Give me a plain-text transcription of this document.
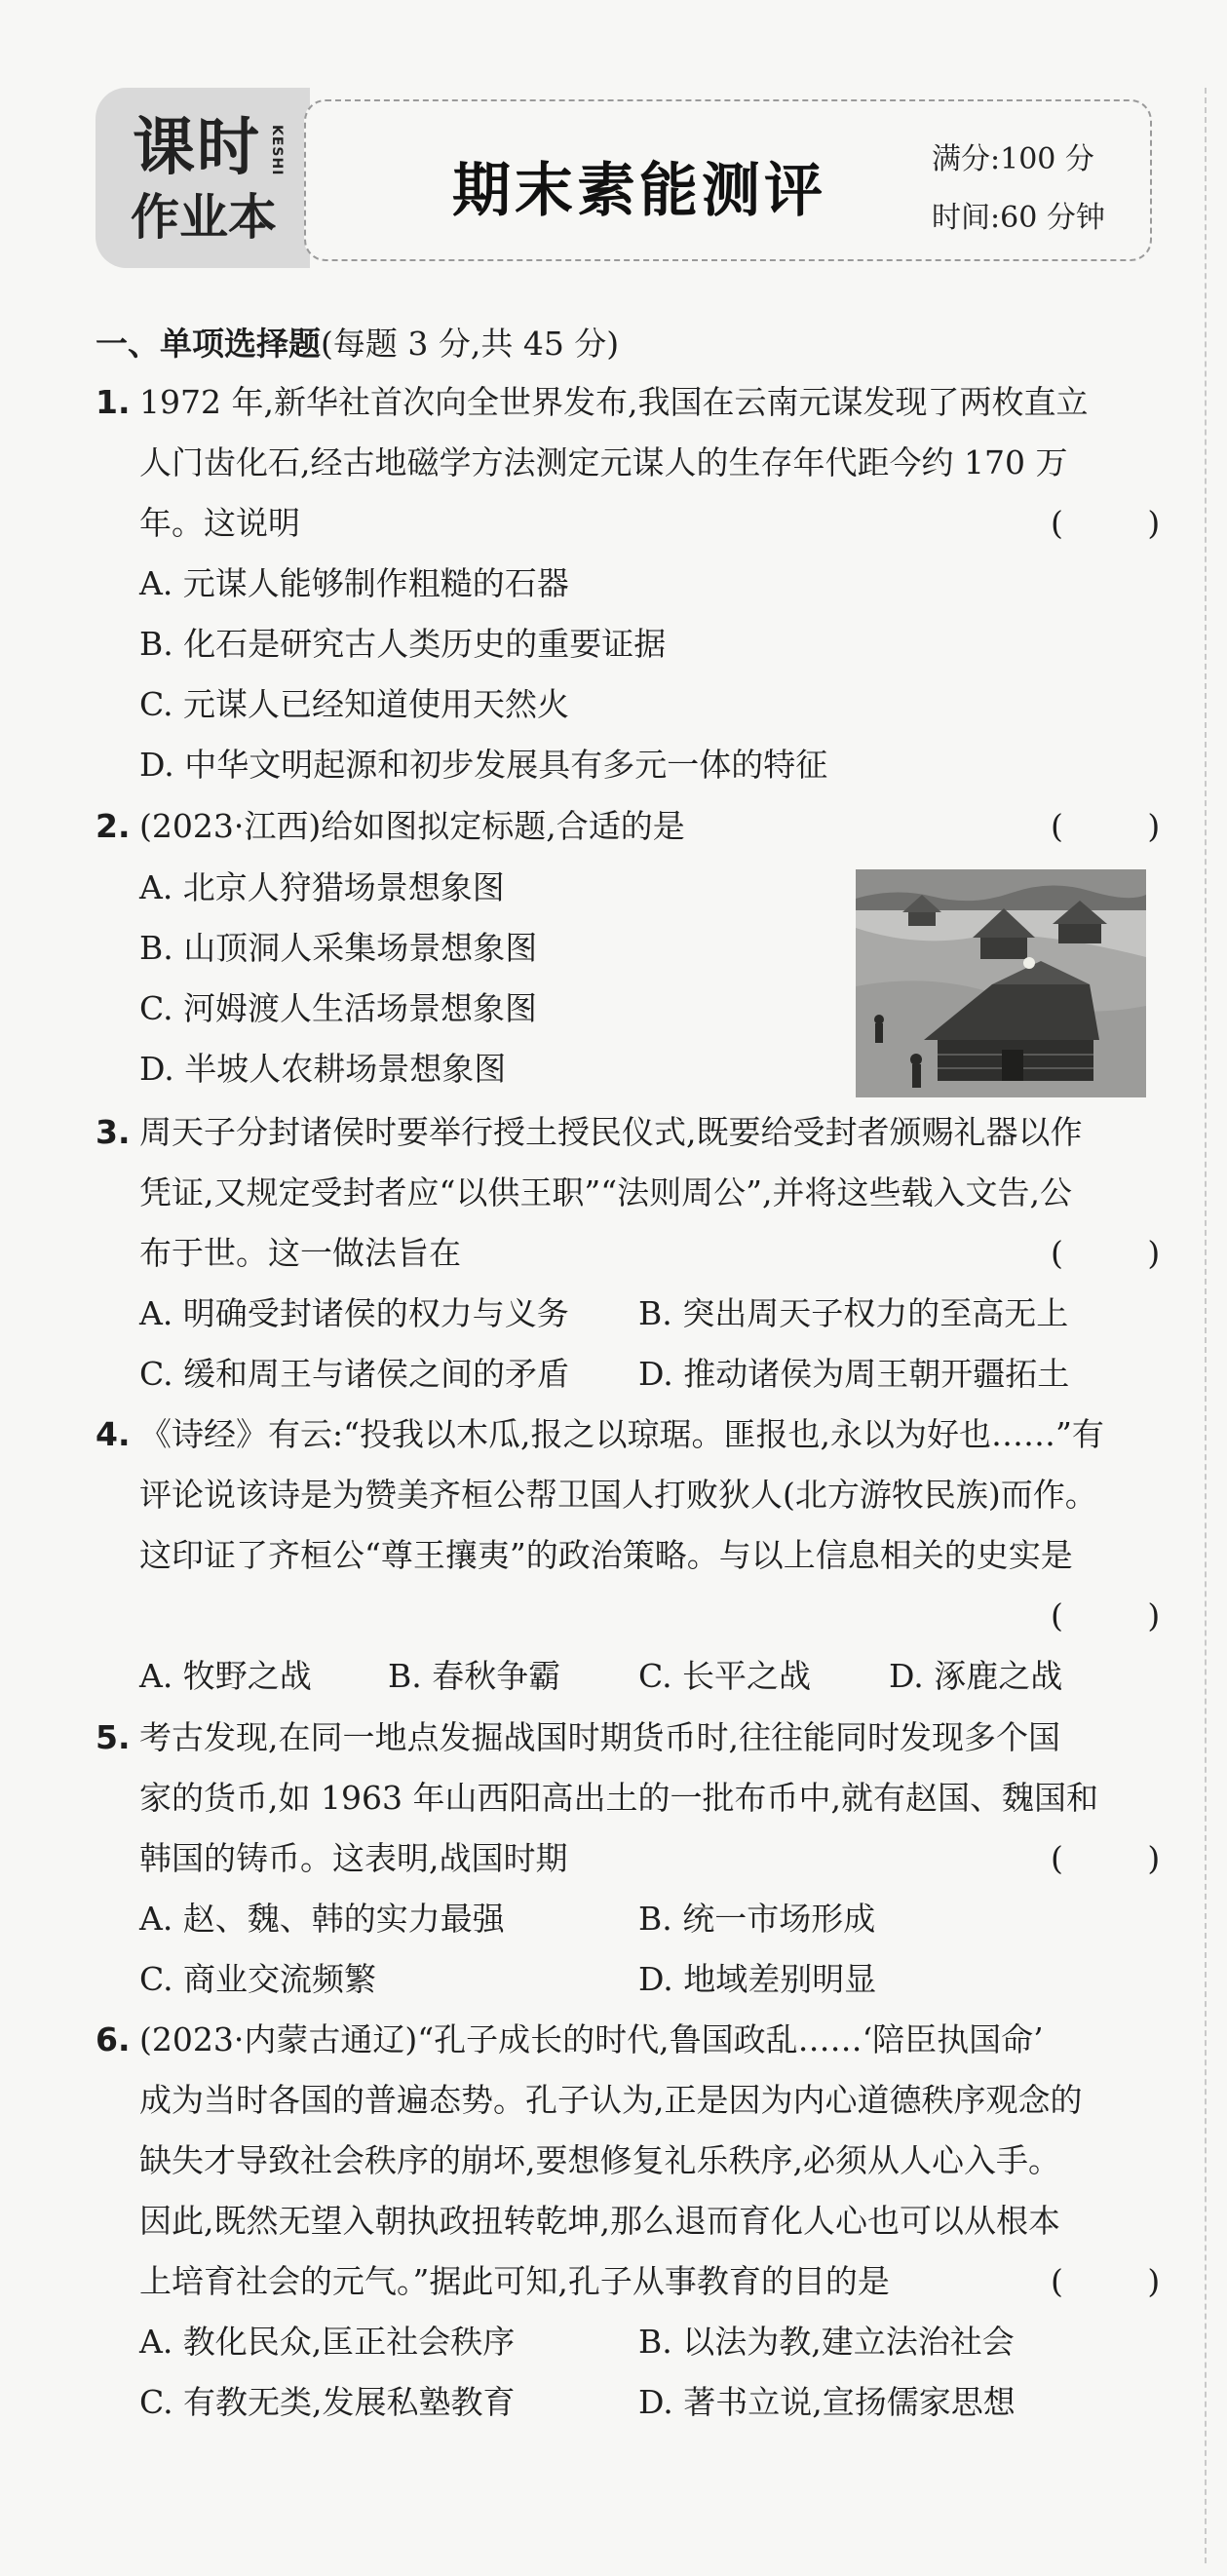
课时 KESHI
作业本	期末素能测评	满分:100 分
时间:60 分钟
一、单项选择题(每题 3 分,共 45 分)
1. 1972 年,新华社首次向全世界发布,我国在云南元谋发现了两枚直立
人门齿化石,经古地磁学方法测定元谋人的生存年代距今约 170 万
年。这说明	( )
A. 元谋人能够制作粗糙的石器
B. 化石是研究古人类历史的重要证据
C. 元谋人已经知道使用天然火
D. 中华文明起源和初步发展具有多元一体的特征
2. (2023·江西)给如图拟定标题,合适的是	( )
A. 北京人狩猎场景想象图
B. 山顶洞人采集场景想象图
C. 河姆渡人生活场景想象图
D. 半坡人农耕场景想象图
3. 周天子分封诸侯时要举行授土授民仪式,既要给受封者颁赐礼器以作
凭证,又规定受封者应“以供王职”“法则周公”,并将这些载入文告,公
布于世。这一做法旨在	( )
A. 明确受封诸侯的权力与义务 B. 突出周天子权力的至高无上
C. 缓和周王与诸侯之间的矛盾 D. 推动诸侯为周王朝开疆拓土
4. 《诗经》有云:“投我以木瓜,报之以琼琚。匪报也,永以为好也……”有
评论说该诗是为赞美齐桓公帮卫国人打败狄人(北方游牧民族)而作。
这印证了齐桓公“尊王攘夷”的政治策略。与以上信息相关的史实是
( )
A. 牧野之战 B. 春秋争霸 C. 长平之战 D. 涿鹿之战
5. 考古发现,在同一地点发掘战国时期货币时,往往能同时发现多个国
家的货币,如 1963 年山西阳高出土的一批布币中,就有赵国、魏国和
韩国的铸币。这表明,战国时期	( )
A. 赵、魏、韩的实力最强	B. 统一市场形成
C. 商业交流频繁	D. 地域差别明显
6. (2023·内蒙古通辽)“孔子成长的时代,鲁国政乱……‘陪臣执国命’
成为当时各国的普遍态势。孔子认为,正是因为内心道德秩序观念的
缺失才导致社会秩序的崩坏,要想修复礼乐秩序,必须从人心入手。
因此,既然无望入朝执政扭转乾坤,那么退而育化人心也可以从根本
上培育社会的元气。”据此可知,孔子从事教育的目的是	( )
A. 教化民众,匡正社会秩序	B. 以法为教,建立法治社会
C. 有教无类,发展私塾教育	D. 著书立说,宣扬儒家思想
